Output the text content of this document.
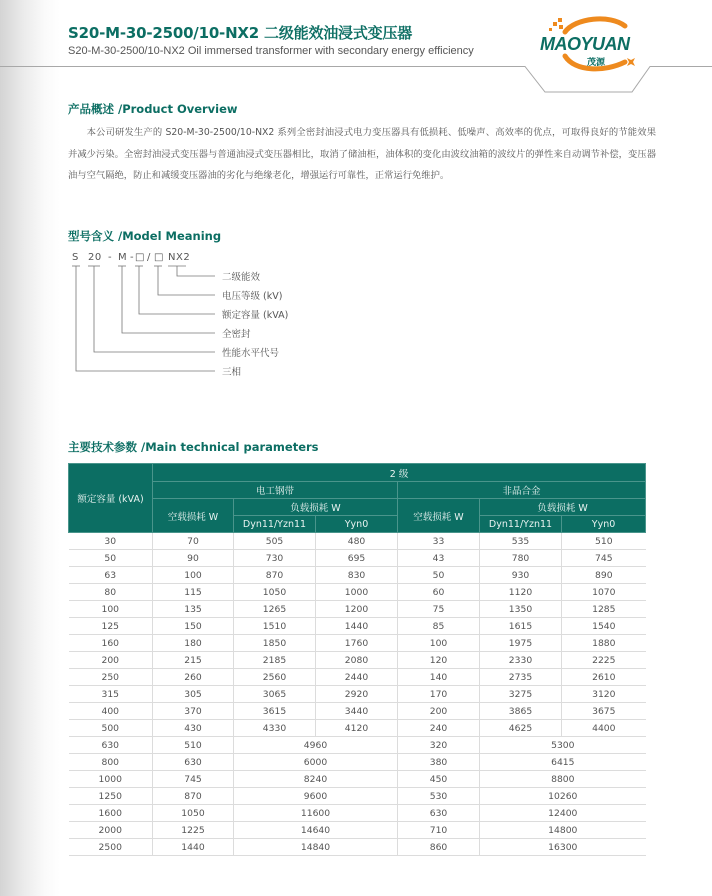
S20-M-30-2500/10-NX2 二级能效油浸式变压器
S20-M-30-2500/10-NX2 Oil immersed transformer with secondary energy efficiency	MAOYUAN
茂源
产品概述 /Product Overview
本公司研发生产的 S20-M-30-2500/10-NX2 系列全密封油浸式电力变压器具有低损耗、低噪声、高效率的优点，可取得良好的节能效果并减少污染。全密封油浸式变压器与普通油浸式变压器相比，取消了储油柜，油体积的变化由波纹油箱的波纹片的弹性来自动调节补偿，变压器油与空气隔绝，防止和减缓变压器油的劣化与绝缘老化，增强运行可靠性，正常运行免维护。
型号含义 /Model Meaning
S 20 - M - □ / □ NX2
二级能效
电压等级 (kV)
额定容量 (kVA)
全密封
性能水平代号
三相
主要技术参数 /Main technical parameters
额定容量 (kVA)	2 级					
	电工钢带			非晶合金		
	空载损耗 W	负载损耗 W		空载损耗 W	负载损耗 W	
		Dyn11/Yzn11	Yyn0		Dyn11/Yzn11	Yyn0
30	70	505	480	33	535	510
50	90	730	695	43	780	745
63	100	870	830	50	930	890
80	115	1050	1000	60	1120	1070
100	135	1265	1200	75	1350	1285
125	150	1510	1440	85	1615	1540
160	180	1850	1760	100	1975	1880
200	215	2185	2080	120	2330	2225
250	260	2560	2440	140	2735	2610
315	305	3065	2920	170	3275	3120
400	370	3615	3440	200	3865	3675
500	430	4330	4120	240	4625	4400
630	510	4960		320	5300	
800	630	6000		380	6415	
1000	745	8240		450	8800	
1250	870	9600		530	10260	
1600	1050	11600		630	12400	
2000	1225	14640		710	14800	
2500	1440	14840		860	16300	
